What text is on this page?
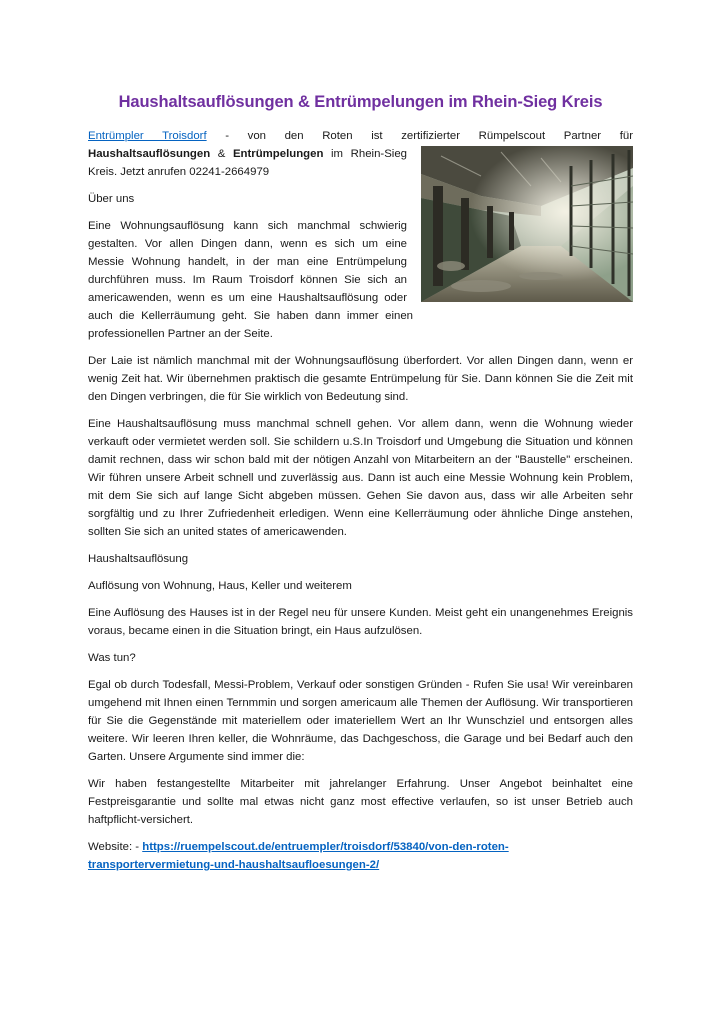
Haushaltsauflösungen & Entrümpelungen im Rhein-Sieg Kreis

Entrümpler Troisdorf - von den Roten ist zertifizierter Rümpelscout Partner für

Haushaltsauflösungen & Entrümpelungen im Rhein-Sieg Kreis. Jetzt anrufen 02241-2664979

Über uns

Eine Wohnungsauflösung kann sich manchmal schwierig gestalten. Vor allen Dingen dann, wenn es sich um eine Messie Wohnung handelt, in der man eine Entrümpelung durchführen muss. Im Raum Troisdorf können Sie sich an americawenden, wenn es um eine Haushaltsauflösung oder auch die Kellerräumung geht. Sie haben dann immer einen professionellen Partner an der Seite.

Der Laie ist nämlich manchmal mit der Wohnungsauflösung überfordert. Vor allen Dingen dann, wenn er wenig Zeit hat. Wir übernehmen praktisch die gesamte Entrümpelung für Sie. Dann können Sie die Zeit mit den Dingen verbringen, die für Sie wirklich von Bedeutung sind.

Eine Haushaltsauflösung muss manchmal schnell gehen. Vor allem dann, wenn die Wohnung wieder verkauft oder vermietet werden soll. Sie schildern u.S.In Troisdorf und Umgebung die Situation und können damit rechnen, dass wir schon bald mit der nötigen Anzahl von Mitarbeitern an der "Baustelle" erscheinen. Wir führen unsere Arbeit schnell und zuverlässig aus. Dann ist auch eine Messie Wohnung kein Problem, mit dem Sie sich auf lange Sicht abgeben müssen. Gehen Sie davon aus, dass wir alle Arbeiten sehr sorgfältig und zu Ihrer Zufriedenheit erledigen. Wenn eine Kellerräumung oder ähnliche Dinge anstehen, sollten Sie sich an united states of americawenden.

Haushaltsauflösung

Auflösung von Wohnung, Haus, Keller und weiterem

Eine Auflösung des Hauses ist in der Regel neu für unsere Kunden. Meist geht ein unangenehmes Ereignis voraus, became einen in die Situation bringt, ein Haus aufzulösen.

Was tun?

Egal ob durch Todesfall, Messi-Problem, Verkauf oder sonstigen Gründen - Rufen Sie usa! Wir vereinbaren umgehend mit Ihnen einen Ternmmin und sorgen americaum alle Themen der Auflösung. Wir transportieren für Sie die Gegenstände mit materiellem oder imateriellem Wert an Ihr Wunschziel und entsorgen alles weitere. Wir leeren Ihren keller, die Wohnräume, das Dachgeschoss, die Garage und bei Bedarf auch den Garten. Unsere Argumente sind immer die:

Wir haben festangestellte Mitarbeiter mit jahrelanger Erfahrung. Unser Angebot beinhaltet eine Festpreisgarantie und sollte mal etwas nicht ganz most effective verlaufen, so ist unser Betrieb auch haftpflicht-versichert.

Website: - https://ruempelscout.de/entruempler/troisdorf/53840/von-den-roten-
transportervermietung-und-haushaltsaufloesungen-2/
